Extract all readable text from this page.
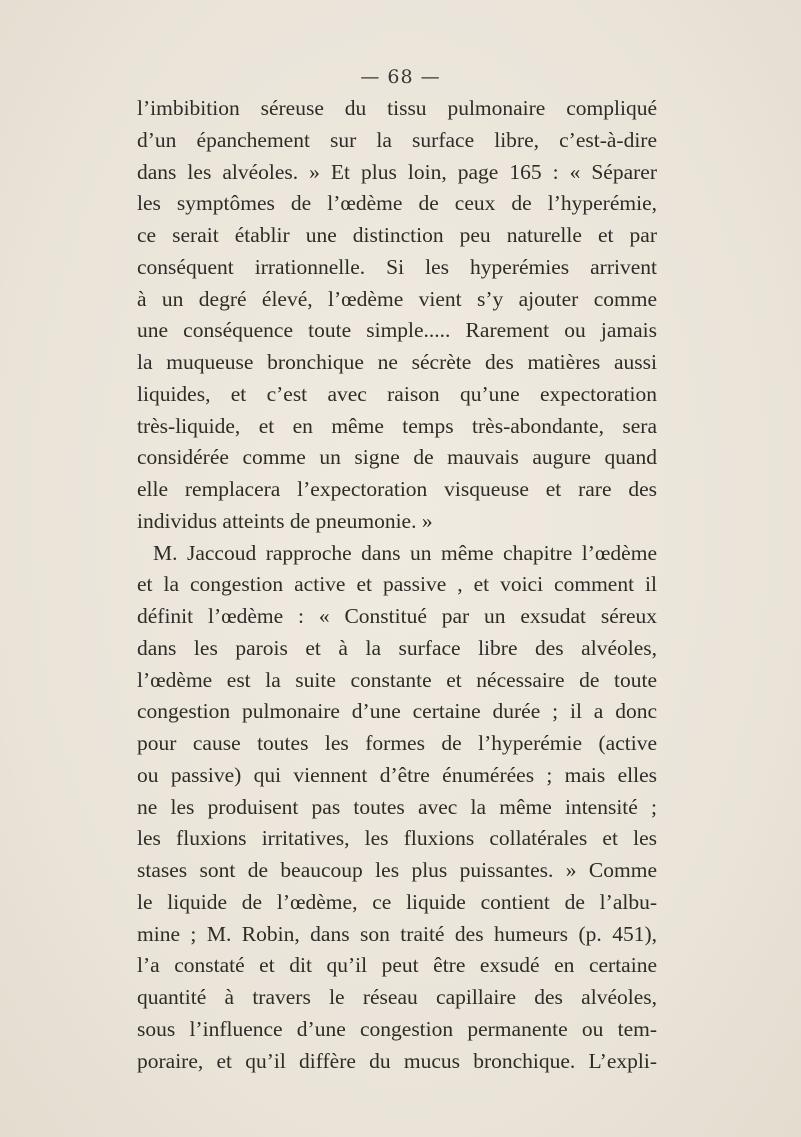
— 68 —
l’imbibition séreuse du tissu pulmonaire compliqué
d’un épanchement sur la surface libre, c’est-à-dire
dans les alvéoles. » Et plus loin, page 165 : « Séparer
les symptômes de l’œdème de ceux de l’hyperémie,
ce serait établir une distinction peu naturelle et par
conséquent irrationnelle. Si les hyperémies arrivent
à un degré élevé, l’œdème vient s’y ajouter comme
une conséquence toute simple..... Rarement ou jamais
la muqueuse bronchique ne sécrète des matières aussi
liquides, et c’est avec raison qu’une expectoration
très-liquide, et en même temps très-abondante, sera
considérée comme un signe de mauvais augure quand
elle remplacera l’expectoration visqueuse et rare des
individus atteints de pneumonie. »
M. Jaccoud rapproche dans un même chapitre l’œdème
et la congestion active et passive , et voici comment il
définit l’œdème : « Constitué par un exsudat séreux
dans les parois et à la surface libre des alvéoles,
l’œdème est la suite constante et nécessaire de toute
congestion pulmonaire d’une certaine durée ; il a donc
pour cause toutes les formes de l’hyperémie (active
ou passive) qui viennent d’être énumérées ; mais elles
ne les produisent pas toutes avec la même intensité ;
les fluxions irritatives, les fluxions collatérales et les
stases sont de beaucoup les plus puissantes. » Comme
le liquide de l’œdème, ce liquide contient de l’albu-
mine ; M. Robin, dans son traité des humeurs (p. 451),
l’a constaté et dit qu’il peut être exsudé en certaine
quantité à travers le réseau capillaire des alvéoles,
sous l’influence d’une congestion permanente ou tem-
poraire, et qu’il diffère du mucus bronchique. L’expli-
